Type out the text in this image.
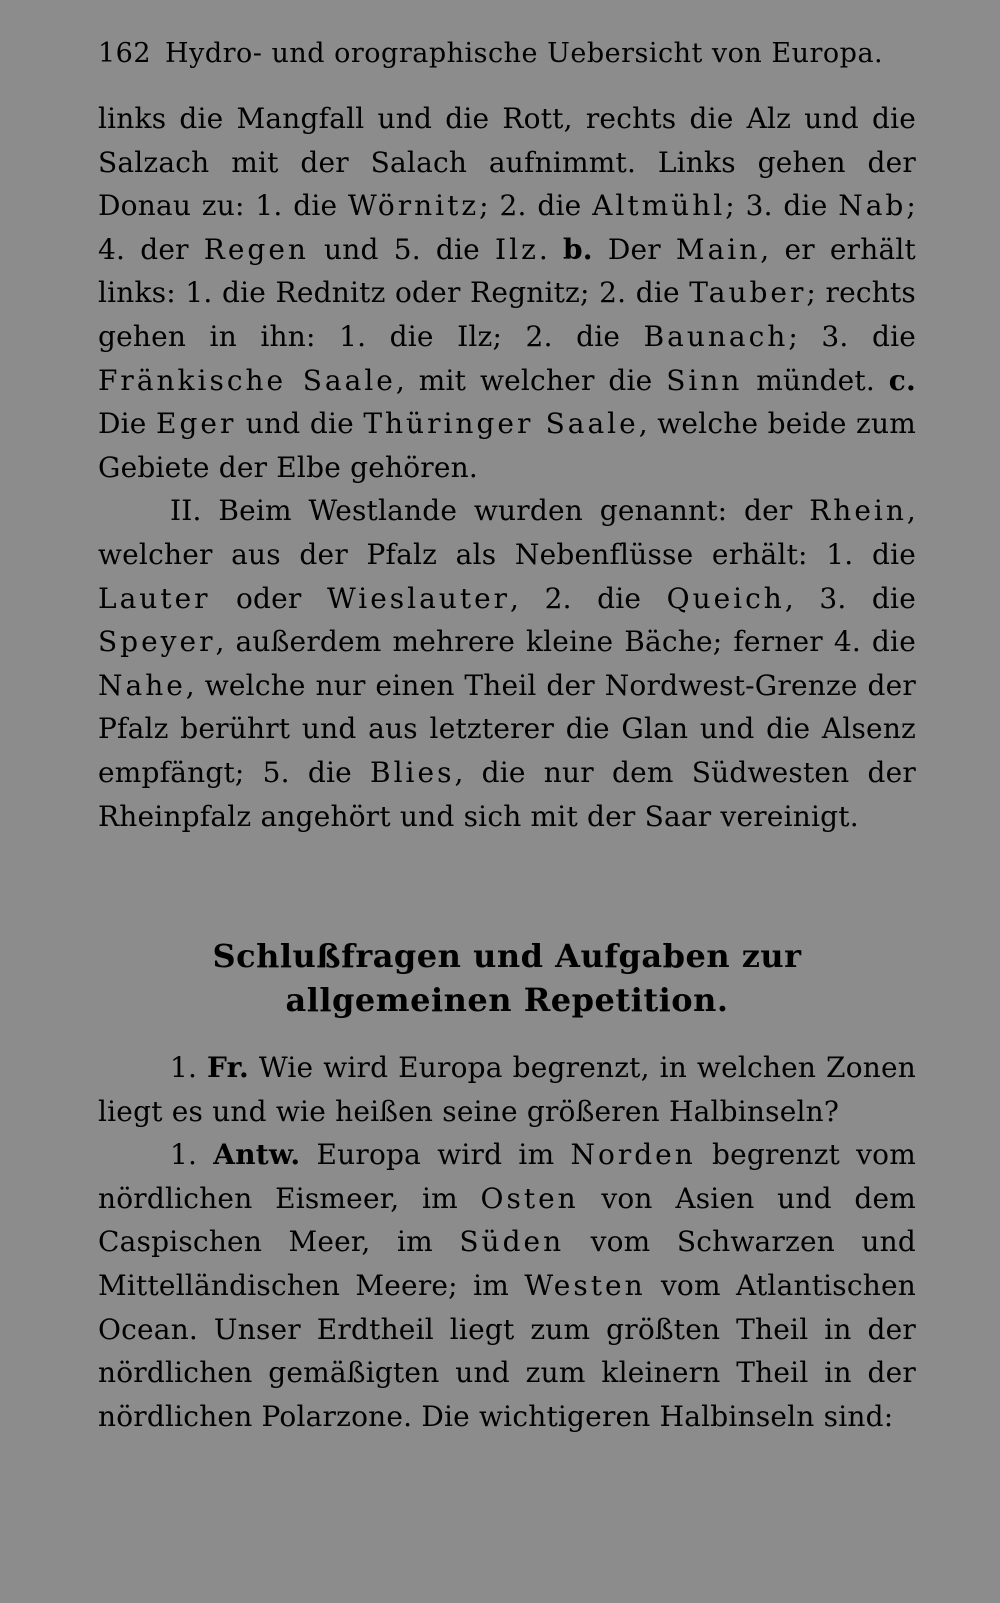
162 Hydro- und orographische Uebersicht von Europa.

links die Mangfall und die Rott, rechts die Alz und die Salzach mit der Salach aufnimmt. Links gehen der Donau zu: 1. die Wörnitz; 2. die Altmühl; 3. die Nab; 4. der Regen und 5. die Ilz. b. Der Main, er erhält links: 1. die Rednitz oder Regnitz; 2. die Tauber; rechts gehen in ihn: 1. die Ilz; 2. die Baunach; 3. die Fränkische Saale, mit welcher die Sinn mündet. c. Die Eger und die Thüringer Saale, welche beide zum Gebiete der Elbe gehören.

II. Beim Westlande wurden genannt: der Rhein, welcher aus der Pfalz als Nebenflüsse erhält: 1. die Lauter oder Wieslauter, 2. die Queich, 3. die Speyer, außerdem mehrere kleine Bäche; ferner 4. die Nahe, welche nur einen Theil der Nordwest-Grenze der Pfalz berührt und aus letzterer die Glan und die Alsenz empfängt; 5. die Blies, die nur dem Südwesten der Rheinpfalz angehört und sich mit der Saar vereinigt.

Schlußfragen und Aufgaben zur allgemeinen Repetition.

1. Fr. Wie wird Europa begrenzt, in welchen Zonen liegt es und wie heißen seine größeren Halbinseln?

1. Antw. Europa wird im Norden begrenzt vom nördlichen Eismeer, im Osten von Asien und dem Caspischen Meer, im Süden vom Schwarzen und Mittelländischen Meere; im Westen vom Atlantischen Ocean. Unser Erdtheil liegt zum größten Theil in der nördlichen gemäßigten und zum kleinern Theil in der nördlichen Polarzone. Die wichtigeren Halbinseln sind:
